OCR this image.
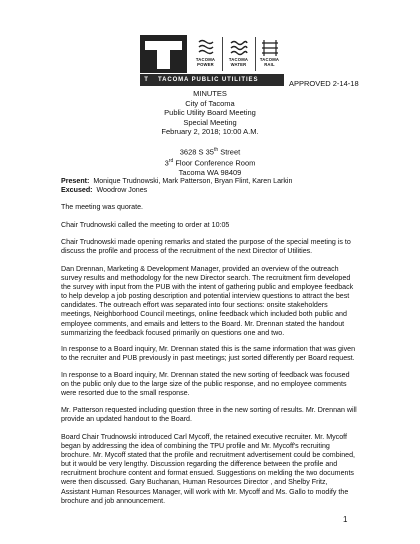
TACOMA POWER
TACOMA WATER
TACOMA RAIL
T	TACOMA PUBLIC UTILITIES	APPROVED 2-14-18
MINUTES
City of Tacoma
Public Utility Board Meeting
Special Meeting
February 2, 2018; 10:00 A.M.
3628 S 35th Street
3rd Floor Conference Room
Tacoma WA 98409
Present:  Monique Trudnowski, Mark Patterson, Bryan Flint, Karen Larkin
Excused:  Woodrow Jones

The meeting was quorate.

Chair Trudnowski called the meeting to order at 10:05

Chair Trudnowski made opening remarks and stated the purpose of the special meeting is to discuss the profile and process of the recruitment of the next Director of Utilities.

Dan Drennan, Marketing & Development Manager, provided an overview of the outreach survey results and methodology for the new Director search. The recruitment firm developed the survey with input from the PUB with the intent of gathering public and employee feedback to help develop a job posting description and potential interview questions to attract the best candidates. The outreach effort was separated into four sections: onsite stakeholders meetings, Neighborhood Council meetings, online feedback which included both public and employee comments, and emails and letters to the Board. Mr. Drennan stated the handout summarizing the feedback focused primarily on questions one and two.

In response to a Board inquiry, Mr. Drennan stated this is the same information that was given to the recruiter and PUB previously in past meetings; just sorted differently per Board request.

In response to a Board inquiry, Mr. Drennan stated the new sorting of feedback was focused on the public only due to the large size of the public response, and no employee comments were resorted due to the small response.

Mr. Patterson requested including question three in the new sorting of results. Mr. Drennan will provide an updated handout to the Board.

Board Chair Trudnowski introduced Carl Mycoff, the retained executive recruiter. Mr. Mycoff began by addressing the idea of combining the TPU profile and Mr. Mycoff's recruiting brochure. Mr. Mycoff stated that the profile and recruitment advertisement could be combined, but it would be very lengthy. Discussion regarding the difference between the profile and recruitment brochure content and format ensued. Suggestions on melding the two documents were then discussed. Gary Buchanan, Human Resources Director , and Shelby Fritz, Assistant Human Resources Manager, will work with Mr. Mycoff and Ms. Gallo to modify the brochure and job announcement.

1
